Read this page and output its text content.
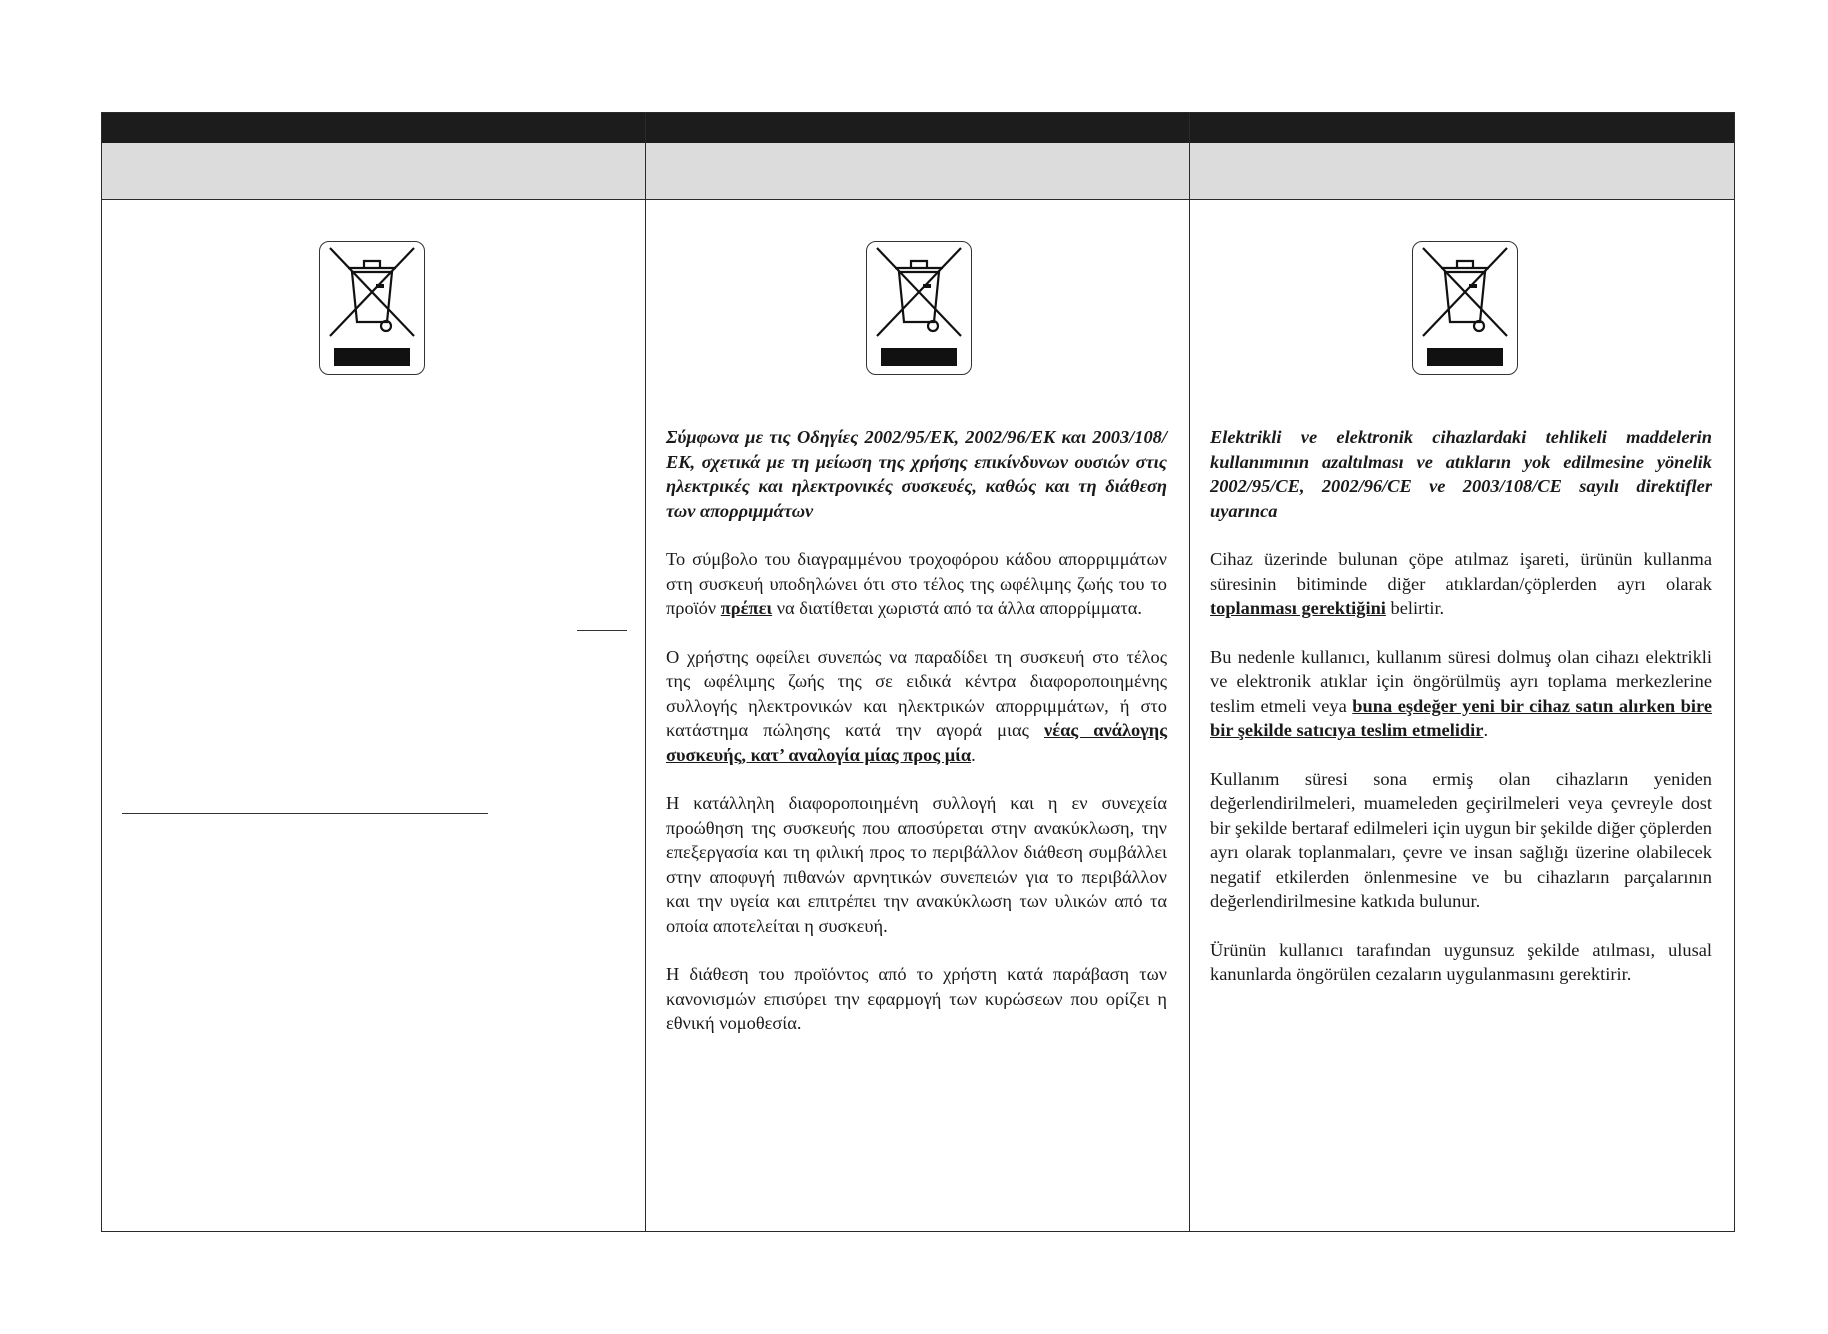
Σύμφωνα με τις Οδηγίες 2002/95/ΕΚ, 2002/96/ΕΚ και 2003/108/ΕΚ, σχετικά με τη μείωση της χρήσης επικίνδυνων ουσιών στις ηλεκτρικές και ηλεκτρονικές συσκευές, καθώς και τη διάθεση των απορριμμάτων

Το σύμβολο του διαγραμμένου τροχοφόρου κάδου απορριμμάτων στη συσκευή υποδηλώνει ότι στο τέλος της ωφέλιμης ζωής του το προϊόν πρέπει να διατίθεται χωριστά από τα άλλα απορρίμματα.

Ο χρήστης οφείλει συνεπώς να παραδίδει τη συσκευή στο τέλος της ωφέλιμης ζωής της σε ειδικά κέντρα διαφοροποιημένης συλλογής ηλεκτρονικών και ηλεκτρικών απορριμμάτων, ή στο κατάστημα πώλησης κατά την αγορά μιας νέας ανάλογης συσκευής, κατ’ αναλογία μίας προς μία.

Η κατάλληλη διαφοροποιημένη συλλογή και η εν συνεχεία προώθηση της συσκευής που αποσύρεται στην ανακύκλωση, την επεξεργασία και τη φιλική προς το περιβάλλον διάθεση συμβάλλει στην αποφυγή πιθανών αρνητικών συνεπειών για το περιβάλλον και την υγεία και επιτρέπει την ανακύκλωση των υλικών από τα οποία αποτελείται η συσκευή.

Η διάθεση του προϊόντος από το χρήστη κατά παράβαση των κανονισμών επισύρει την εφαρμογή των κυρώσεων που ορίζει η εθνική νομοθεσία.

Elektrikli ve elektronik cihazlardaki tehlikeli maddelerin kullanımının azaltılması ve atıkların yok edilmesine yönelik 2002/95/CE, 2002/96/CE ve 2003/108/CE sayılı direktifler uyarınca

Cihaz üzerinde bulunan çöpe atılmaz işareti, ürünün kullanma süresinin bitiminde diğer atıklardan/çöplerden ayrı olarak toplanması gerektiğini belirtir.

Bu nedenle kullanıcı, kullanım süresi dolmuş olan cihazı elektrikli ve elektronik atıklar için öngörülmüş ayrı toplama merkezlerine teslim etmeli veya buna eşdeğer yeni bir cihaz satın alırken bire bir şekilde satıcıya teslim etmelidir.

Kullanım süresi sona ermiş olan cihazların yeniden değerlendirilmeleri, muameleden geçirilmeleri veya çevreyle dost bir şekilde bertaraf edilmeleri için uygun bir şekilde diğer çöplerden ayrı olarak toplanmaları, çevre ve insan sağlığı üzerine olabilecek negatif etkilerden önlenmesine ve bu cihazların parçalarının değerlendirilmesine katkıda bulunur.

Ürünün kullanıcı tarafından uygunsuz şekilde atılması, ulusal kanunlarda öngörülen cezaların uygulanmasını gerektirir.
